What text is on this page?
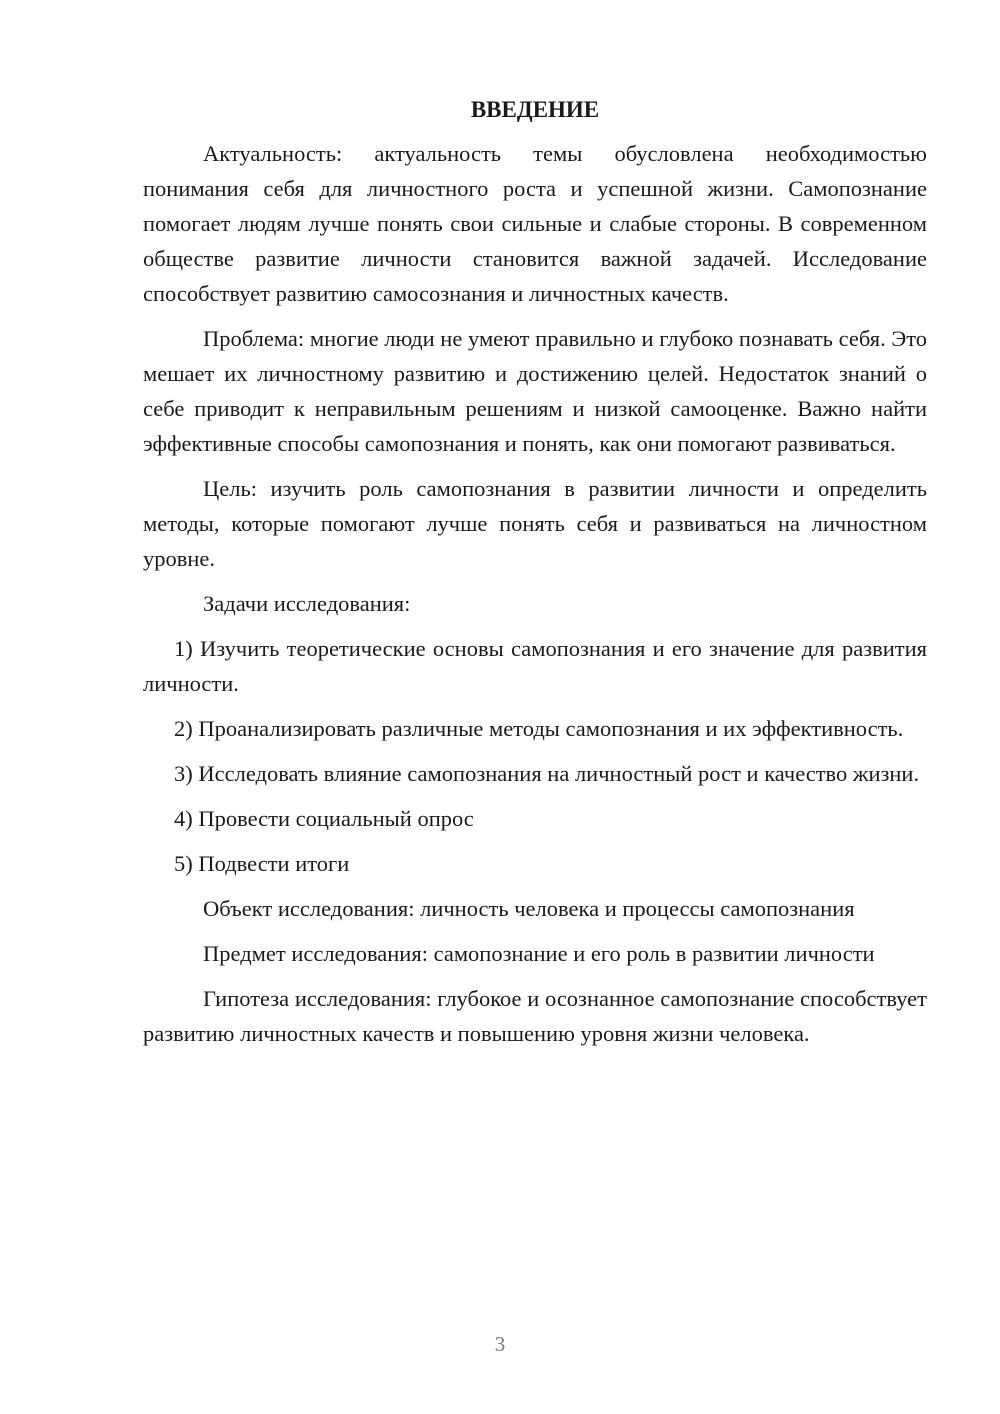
ВВЕДЕНИЕ

Актуальность: актуальность темы обусловлена необходимостью понимания себя для личностного роста и успешной жизни. Самопознание помогает людям лучше понять свои сильные и слабые стороны. В современном обществе развитие личности становится важной задачей. Исследование способствует развитию самосознания и личностных качеств.

Проблема: многие люди не умеют правильно и глубоко познавать себя. Это мешает их личностному развитию и достижению целей. Недостаток знаний о себе приводит к неправильным решениям и низкой самооценке. Важно найти эффективные способы самопознания и понять, как они помогают развиваться.

Цель: изучить роль самопознания в развитии личности и определить методы, которые помогают лучше понять себя и развиваться на личностном уровне.

Задачи исследования:

1) Изучить теоретические основы самопознания и его значение для развития личности.

2) Проанализировать различные методы самопознания и их эффективность.

3) Исследовать влияние самопознания на личностный рост и качество жизни.

4) Провести социальный опрос

5) Подвести итоги

Объект исследования: личность человека и процессы самопознания

Предмет исследования: самопознание и его роль в развитии личности

Гипотеза исследования: глубокое и осознанное самопознание способствует развитию личностных качеств и повышению уровня жизни человека.

3
